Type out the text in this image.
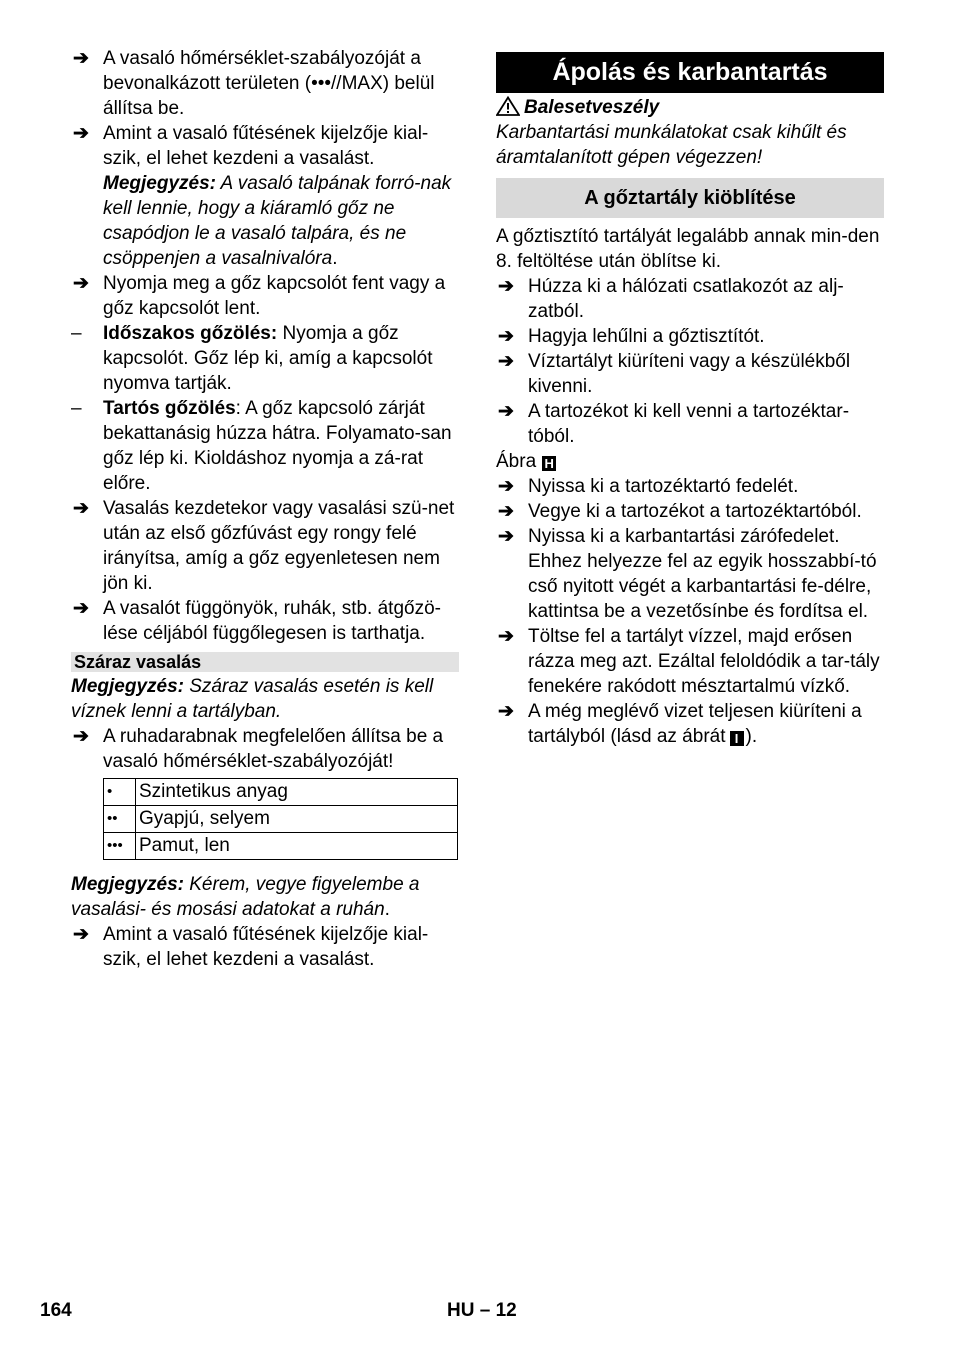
➔ A vasaló hőmérséklet-szabályozóját a bevonalkázott területen (•••//MAX) belül állítsa be.
➔ Amint a vasaló fűtésének kijelzője kial-szik, el lehet kezdeni a vasalást.
Megjegyzés: A vasaló talpának forró-nak kell lennie, hogy a kiáramló gőz ne csapódjon le a vasaló talpára, és ne csöppenjen a vasalnivalóra.
➔ Nyomja meg a gőz kapcsolót fent vagy a gőz kapcsolót lent.
– Időszakos gőzölés: Nyomja a gőz kapcsolót. Gőz lép ki, amíg a kapcsolót nyomva tartják.
– Tartós gőzölés: A gőz kapcsoló zárját bekattanásig húzza hátra. Folyamato-san gőz lép ki. Kioldáshoz nyomja a zá-rat előre.
➔ Vasalás kezdetekor vagy vasalási szü-net után az első gőzfúvást egy rongy felé irányítsa, amíg a gőz egyenletesen nem jön ki.
➔ A vasalót függönyök, ruhák, stb. átgőzö-lése céljából függőlegesen is tarthatja.
Száraz vasalás
Megjegyzés: Száraz vasalás esetén is kell víznek lenni a tartályban.
➔ A ruhadarabnak megfelelően állítsa be a vasaló hőmérséklet-szabályozóját!
•	Szintetikus anyag
••	Gyapjú, selyem
•••	Pamut, len
Megjegyzés: Kérem, vegye figyelembe a vasalási- és mosási adatokat a ruhán.
➔ Amint a vasaló fűtésének kijelzője kial-szik, el lehet kezdeni a vasalást.
Ápolás és karbantartás
Balesetveszély
Karbantartási munkálatokat csak kihűlt és áramtalanított gépen végezzen!
A gőztartály kiöblítése
A gőztisztító tartályát legalább annak min-den 8. feltöltése után öblítse ki.
➔ Húzza ki a hálózati csatlakozót az alj-zatból.
➔ Hagyja lehűlni a gőztisztítót.
➔ Víztartályt kiüríteni vagy a készülékből kivenni.
➔ A tartozékot ki kell venni a tartozéktar-tóból.
Ábra H
➔ Nyissa ki a tartozéktartó fedelét.
➔ Vegye ki a tartozékot a tartozéktartóból.
➔ Nyissa ki a karbantartási zárófedelet. Ehhez helyezze fel az egyik hosszabbí-tó cső nyitott végét a karbantartási fe-délre, kattintsa be a vezetősínbe és fordítsa el.
➔ Töltse fel a tartályt vízzel, majd erősen rázza meg azt. Ezáltal feloldódik a tar-tály fenekére rakódott mésztartalmú vízkő.
➔ A még meglévő vizet teljesen kiüríteni a tartályból (lásd az ábrát I ).
164	HU – 12
